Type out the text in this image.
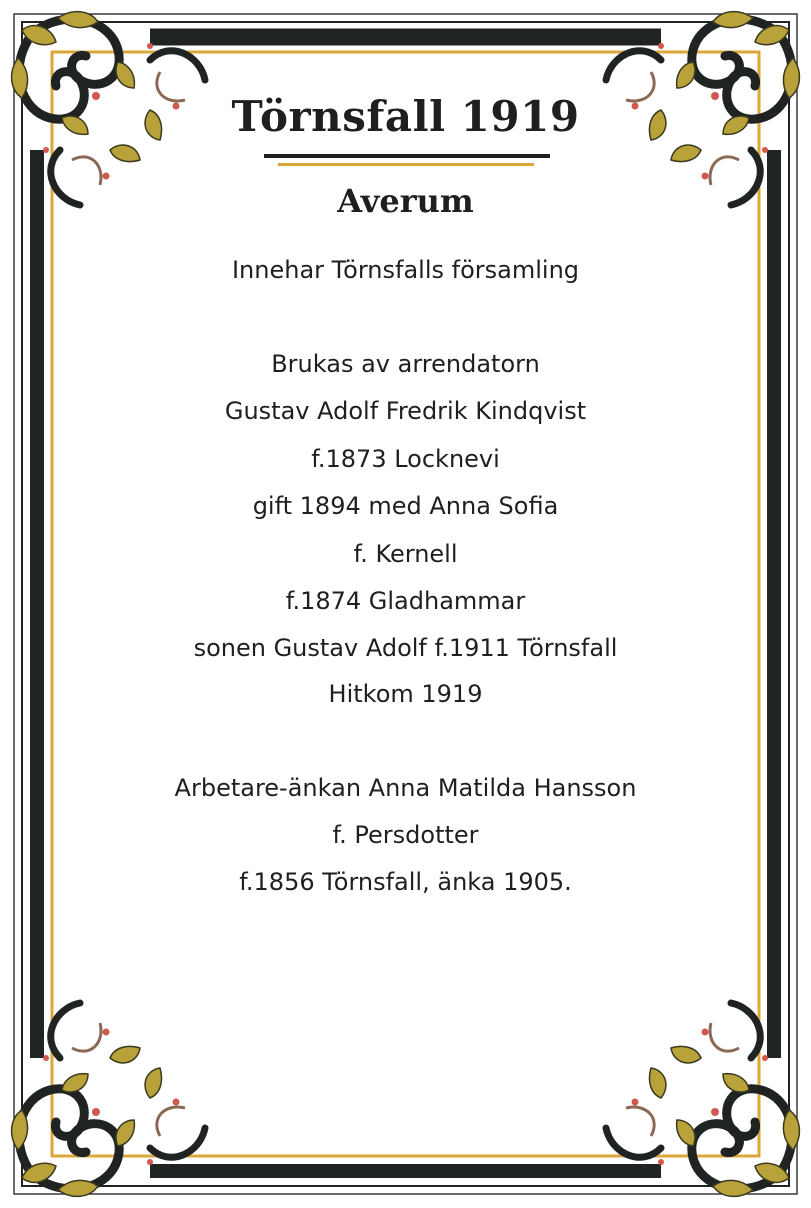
Törnsfall 1919
Averum
Innehar Törnsfalls församling
Brukas av arrendatorn
Gustav Adolf Fredrik Kindqvist
f.1873 Locknevi
gift 1894 med Anna Sofia
f. Kernell
f.1874 Gladhammar
sonen Gustav Adolf f.1911 Törnsfall
Hitkom 1919
Arbetare-änkan Anna Matilda Hansson
f. Persdotter
f.1856 Törnsfall, änka 1905.
